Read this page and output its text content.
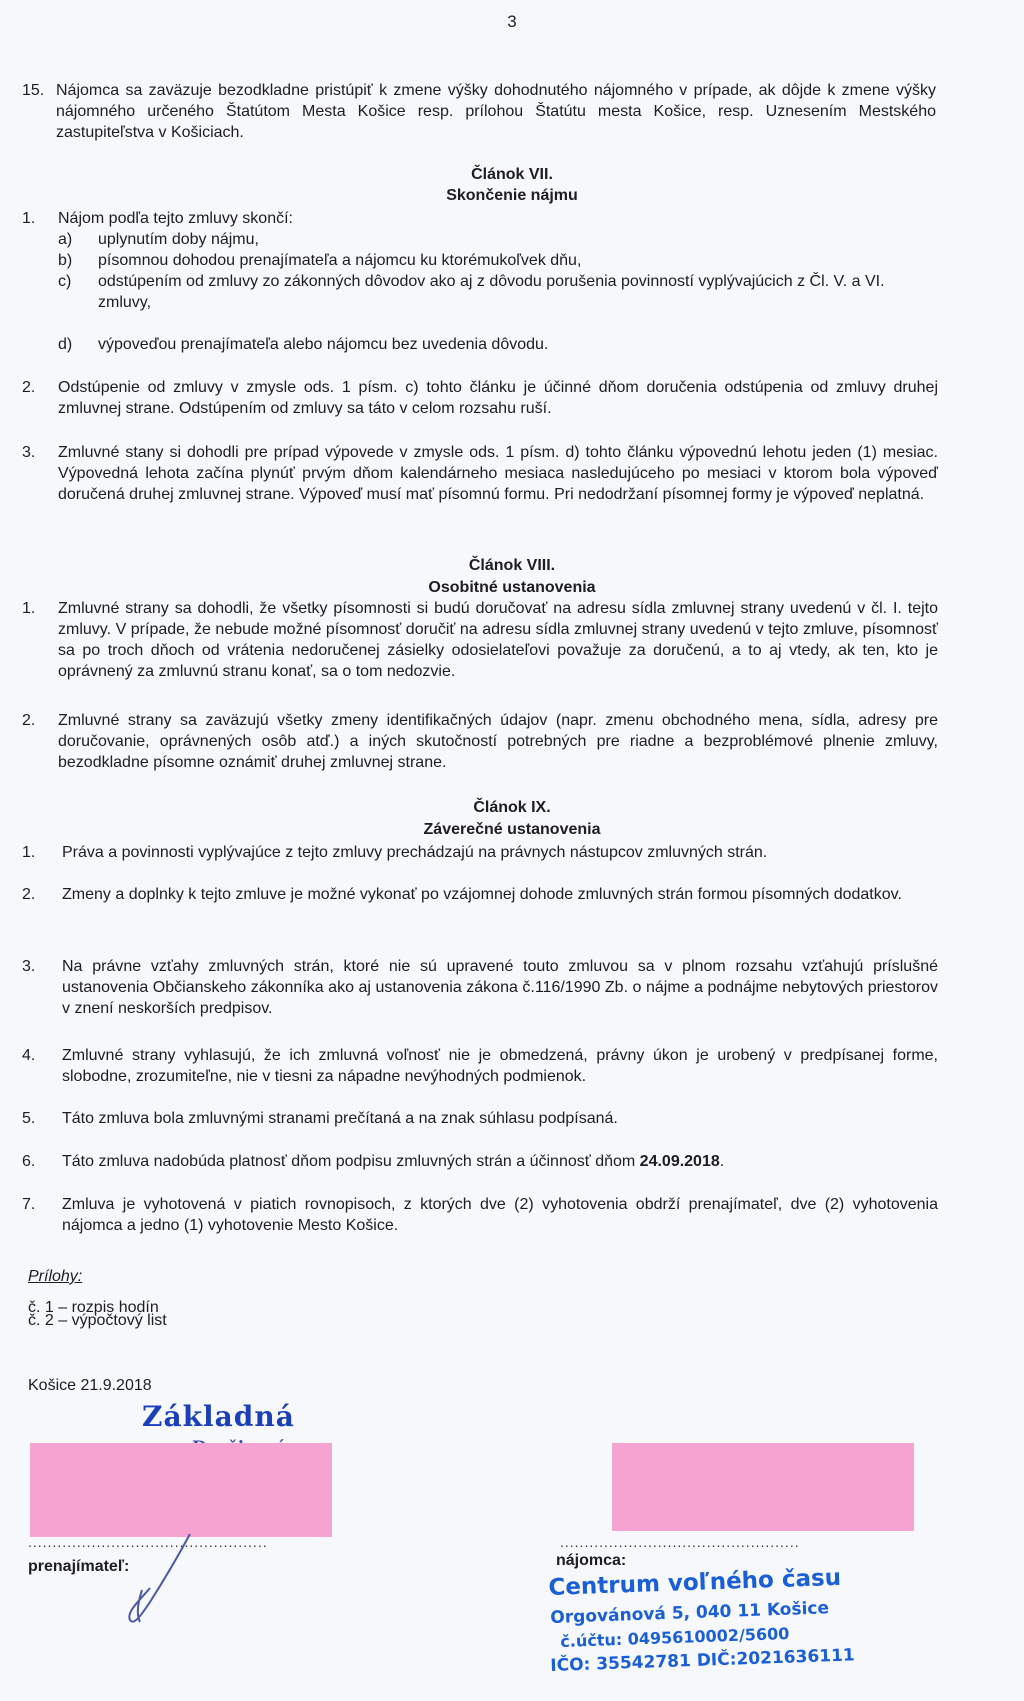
3
15. Nájomca sa zaväzuje bezodkladne pristúpiť k zmene výšky dohodnutého nájomného v prípade, ak dôjde k zmene výšky nájomného určeného Štatútom Mesta Košice resp. prílohou Štatútu mesta Košice, resp. Uznesením Mestského zastupiteľstva v Košiciach.
Článok VII.
Skončenie nájmu
1. Nájom podľa tejto zmluvy skončí:
a) uplynutím doby nájmu,
b) písomnou dohodou prenajímateľa a nájomcu ku ktorémukoľvek dňu,
c) odstúpením od zmluvy zo zákonných dôvodov ako aj z dôvodu porušenia povinností vyplývajúcich z Čl. V. a VI. zmluvy,
d) výpoveďou prenajímateľa alebo nájomcu bez uvedenia dôvodu.
2. Odstúpenie od zmluvy v zmysle ods. 1 písm. c) tohto článku je účinné dňom doručenia odstúpenia od zmluvy druhej zmluvnej strane. Odstúpením od zmluvy sa táto v celom rozsahu ruší.
3. Zmluvné stany si dohodli pre prípad výpovede v zmysle ods. 1 písm. d) tohto článku výpovednú lehotu jeden (1) mesiac. Výpovedná lehota začína plynúť prvým dňom kalendárneho mesiaca nasledujúceho po mesiaci v ktorom bola výpoveď doručená druhej zmluvnej strane. Výpoveď musí mať písomnú formu. Pri nedodržaní písomnej formy je výpoveď neplatná.
Článok VIII.
Osobitné ustanovenia
1. Zmluvné strany sa dohodli, že všetky písomnosti si budú doručovať na adresu sídla zmluvnej strany uvedenú v čl. I. tejto zmluvy. V prípade, že nebude možné písomnosť doručiť na adresu sídla zmluvnej strany uvedenú v tejto zmluve, písomnosť sa po troch dňoch od vrátenia nedoručenej zásielky odosielateľovi považuje za doručenú, a to aj vtedy, ak ten, kto je oprávnený za zmluvnú stranu konať, sa o tom nedozvie.
2. Zmluvné strany sa zaväzujú všetky zmeny identifikačných údajov (napr. zmenu obchodného mena, sídla, adresy pre doručovanie, oprávnených osôb atď.) a iných skutočností potrebných pre riadne a bezproblémové plnenie zmluvy, bezodkladne písomne oznámiť druhej zmluvnej strane.
Článok IX.
Záverečné ustanovenia
1. Práva a povinnosti vyplývajúce z tejto zmluvy prechádzajú na právnych nástupcov zmluvných strán.
2. Zmeny a doplnky k tejto zmluve je možné vykonať po vzájomnej dohode zmluvných strán formou písomných dodatkov.
3. Na právne vzťahy zmluvných strán, ktoré nie sú upravené touto zmluvou sa v plnom rozsahu vzťahujú príslušné ustanovenia Občianskeho zákonníka ako aj ustanovenia zákona č.116/1990 Zb. o nájme a podnájme nebytových priestorov v znení neskorších predpisov.
4. Zmluvné strany vyhlasujú, že ich zmluvná voľnosť nie je obmedzená, právny úkon je urobený v predpísanej forme, slobodne, zrozumiteľne, nie v tiesni za nápadne nevýhodných podmienok.
5. Táto zmluva bola zmluvnými stranami prečítaná a na znak súhlasu podpísaná.
6. Táto zmluva nadobúda platnosť dňom podpisu zmluvných strán a účinnosť dňom 24.09.2018.
7. Zmluva je vyhotovená v piatich rovnopisoch, z ktorých dve (2) vyhotovenia obdrží prenajímateľ, dve (2) vyhotovenia nájomca a jedno (1) vyhotovenie Mesto Košice.
Prílohy:
č. 1 – rozpis hodín
č. 2 – výpočtový list
Košice 21.9.2018
Základná
.................................................	.................................................
prenajímateľ:	nájomca:
Centrum voľného času
Orgovánová 5, 040 11 Košice
č.účtu: 0495610002/5600
IČO: 35542781 DIČ:2021636111
